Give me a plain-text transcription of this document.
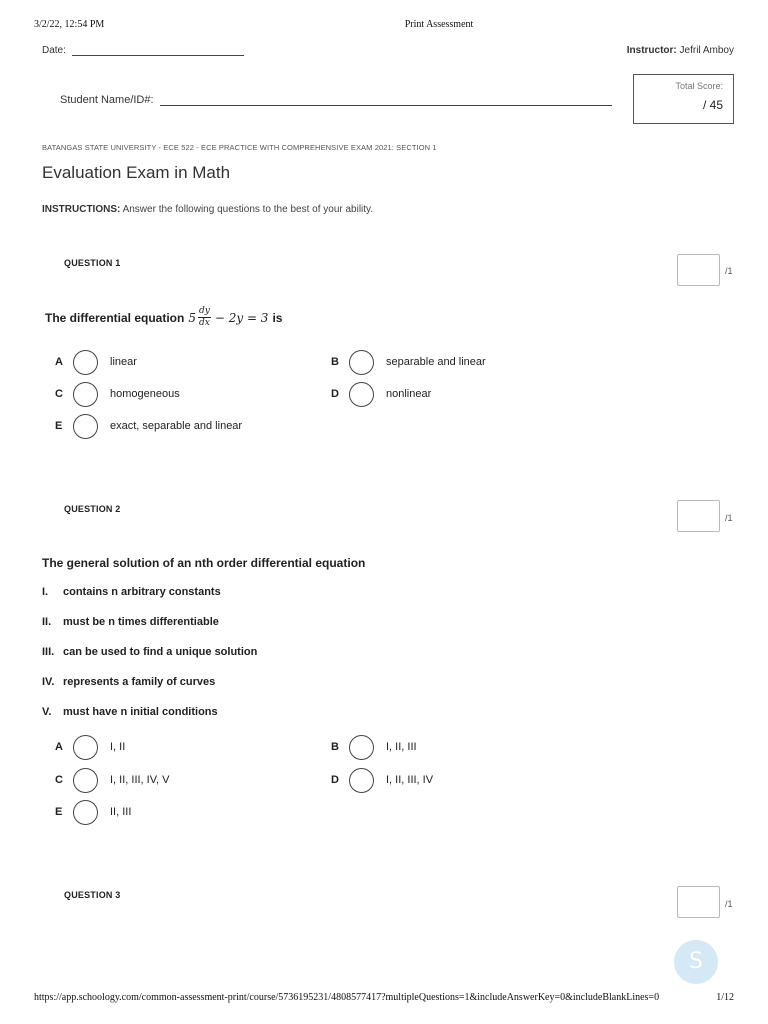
3/2/22, 12:54 PM	Print Assessment
Date:	Instructor: Jefril Amboy
Student Name/ID#:
Total Score:
/ 45
BATANGAS STATE UNIVERSITY - ECE 522 - ECE PRACTICE WITH COMPREHENSIVE EXAM 2021: SECTION 1
Evaluation Exam in Math
INSTRUCTIONS: Answer the following questions to the best of your ability.
QUESTION 1
/1
The differential equation $5 \frac{dy}{dx} - 2y = 3$ is
A	linear	B	separable and linear
C	homogeneous	D	nonlinear
E	exact, separable and linear
QUESTION 2
/1
The general solution of an nth order differential equation
I.	contains n arbitrary constants
II.	must be n times differentiable
III. can be used to find a unique solution
IV. represents a family of curves
V.	must have n initial conditions
A	I, II	B	I, II, III
C	I, II, III, IV, V	D	I, II, III, IV
E	II, III
QUESTION 3
/1
S
https://app.schoology.com/common-assessment-print/course/5736195231/4808577417?multipleQuestions=1&includeAnswerKey=0&includeBlankLines=0	1/12
